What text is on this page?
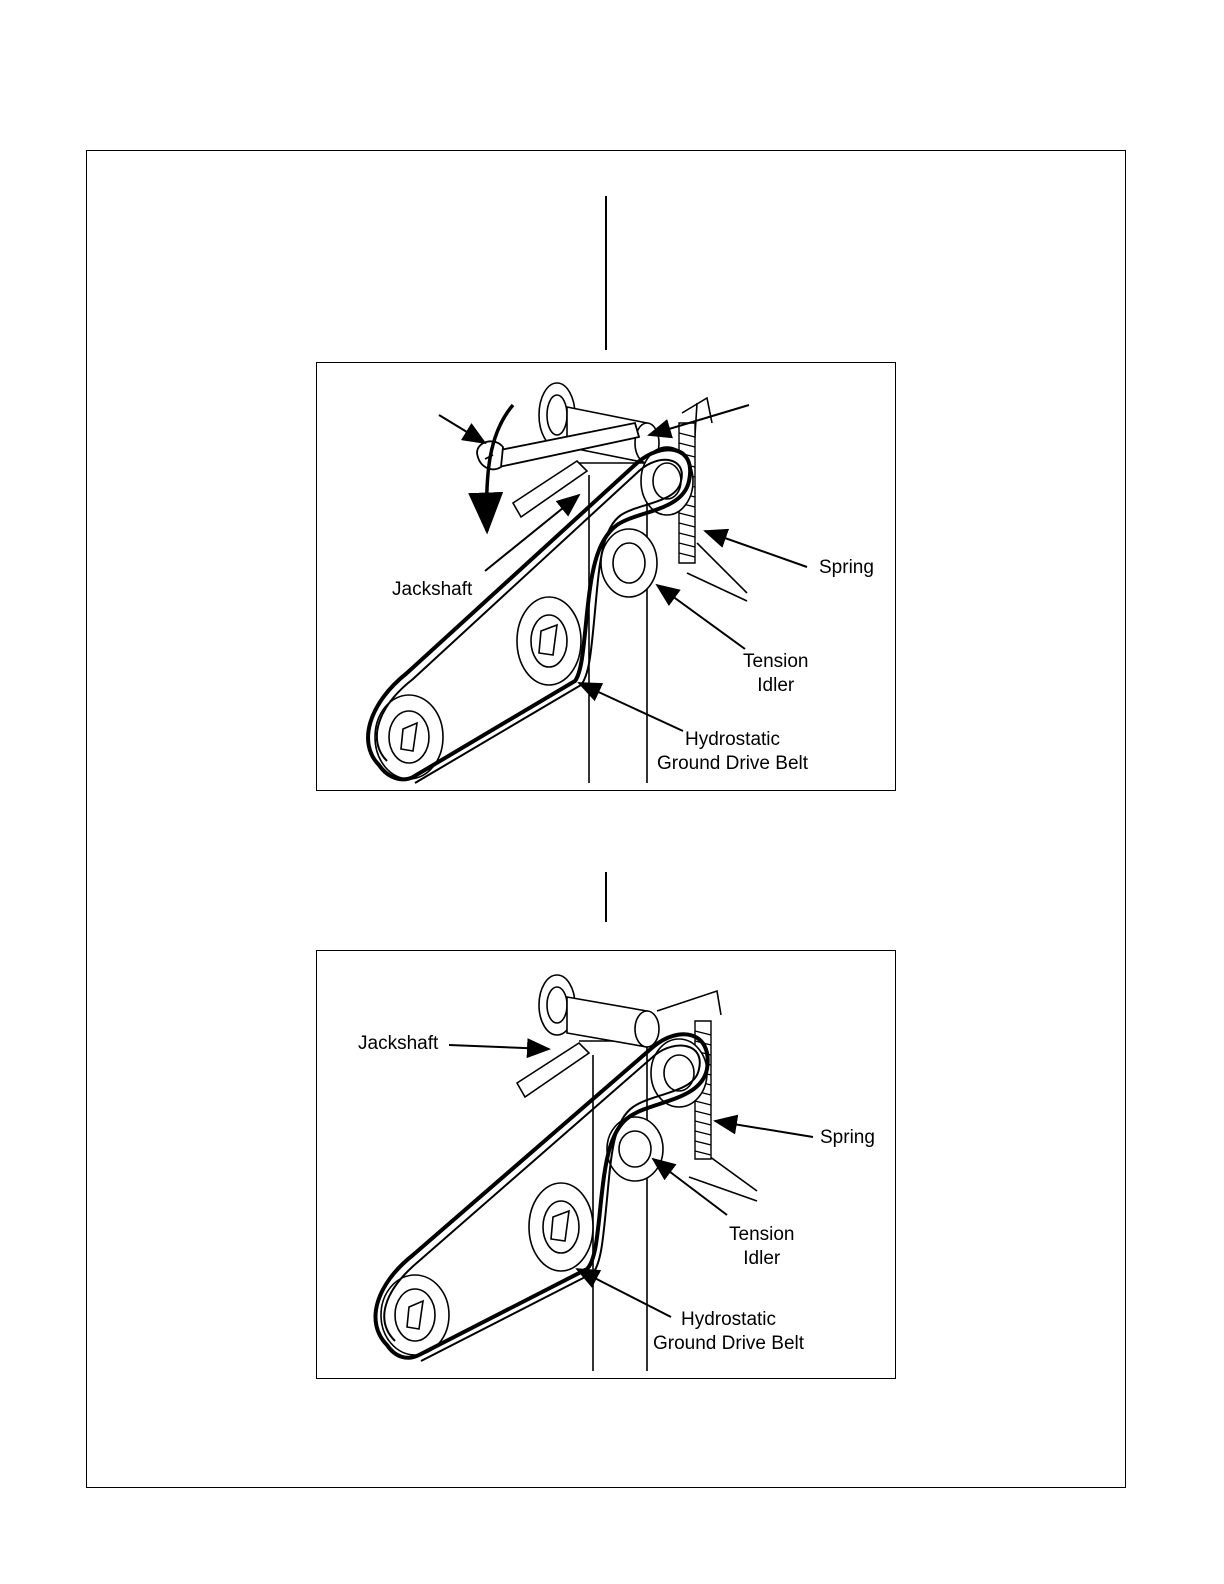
Jackshaft
Spring
Tension
Idler
Hydrostatic
Ground Drive Belt
Jackshaft
Spring
Tension
Idler
Hydrostatic
Ground Drive Belt
